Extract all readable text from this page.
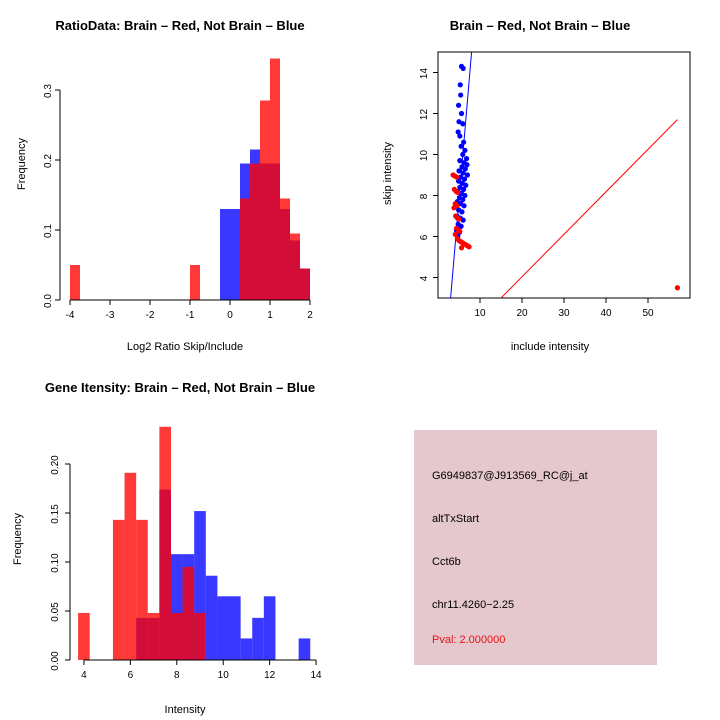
RatioData: Brain – Red, Not Brain – Blue
0.0
0.1
0.2
0.3
-4	-3	-2	-1	0	1	2
Frequency
Log2 Ratio Skip/Include
Brain – Red, Not Brain – Blue
4
6
8
10
12
14
10	20	30	40	50
skip intensity
include intensity
Gene Itensity: Brain – Red, Not Brain – Blue
0.00
0.05
0.10
0.15
0.20
4	6	8	10	12	14
Frequency
Intensity
G6949837@J913569_RC@j_at
altTxStart
Cct6b
chr11.4260−2.25
Pval: 2.000000
